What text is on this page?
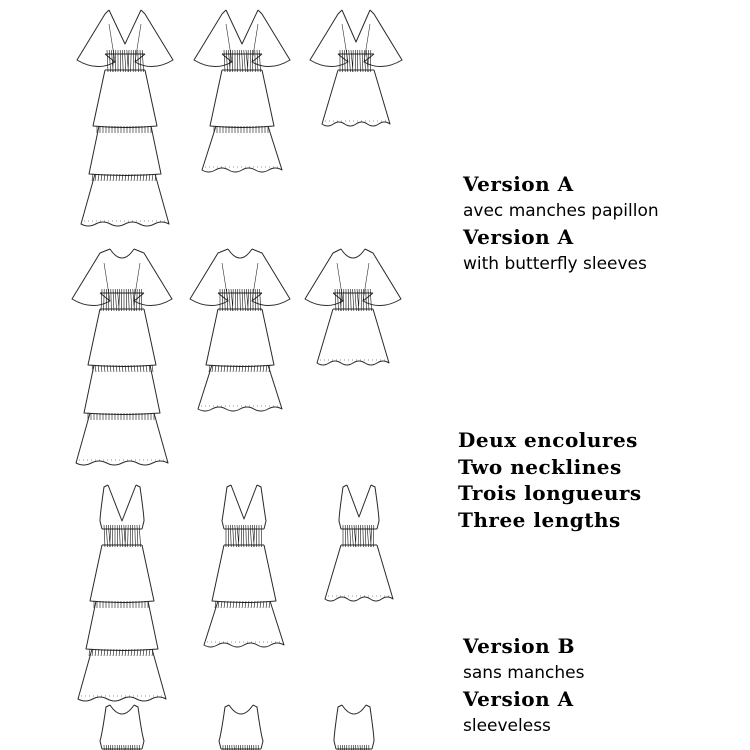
Version A
avec manches papillon
Version A
with butterfly sleeves
Deux encolures
Two necklines
Trois longueurs
Three lengths
Version B
sans manches
Version A
sleeveless
